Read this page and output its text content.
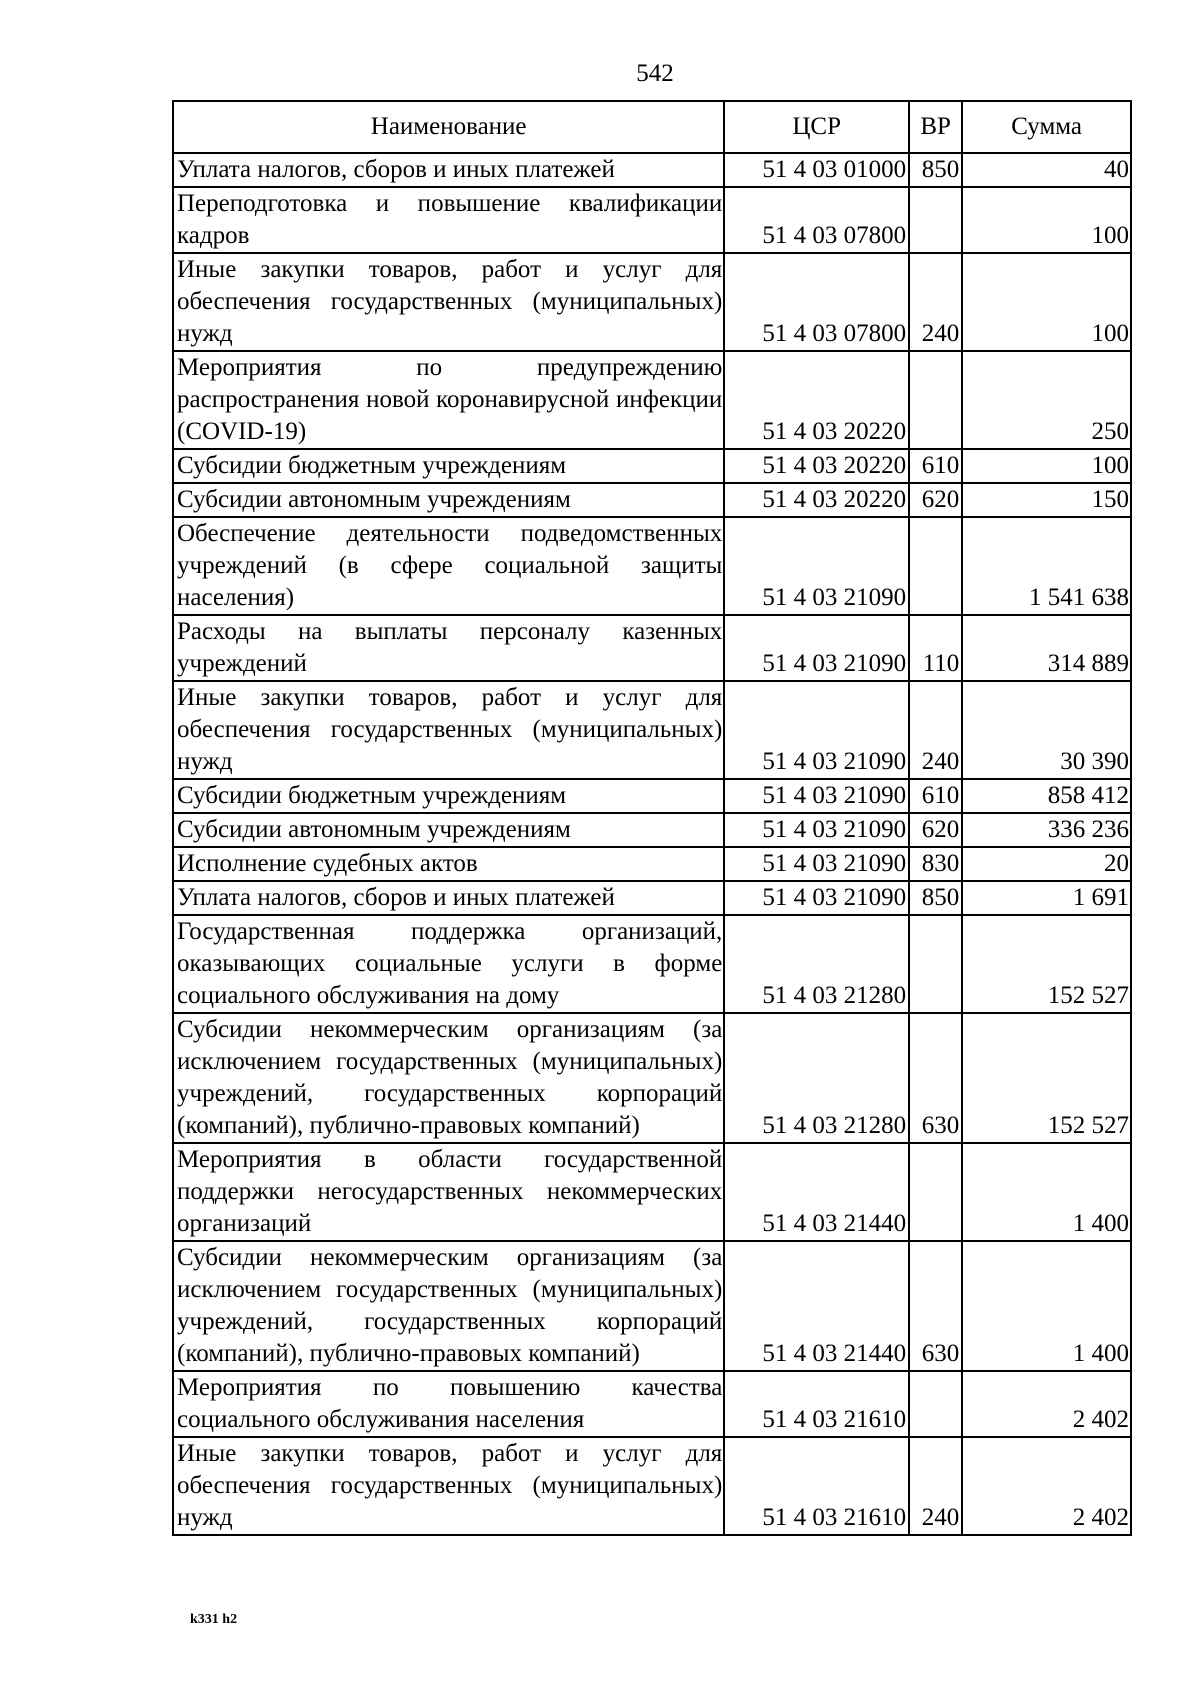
542
Наименование	ЦСР	ВР	Сумма
Уплата налогов, сборов и иных платежей	51 4 03 01000	850	40
Переподготовка и повышение квалификации кадров	51 4 03 07800		100
Иные закупки товаров, работ и услуг для обеспечения государственных (муниципальных) нужд	51 4 03 07800	240	100
Мероприятия по предупреждению распространения новой коронавирусной инфекции (COVID-19)	51 4 03 20220		250
Субсидии бюджетным учреждениям	51 4 03 20220	610	100
Субсидии автономным учреждениям	51 4 03 20220	620	150
Обеспечение деятельности подведомственных учреждений (в сфере социальной защиты населения)	51 4 03 21090		1 541 638
Расходы на выплаты персоналу казенных учреждений	51 4 03 21090	110	314 889
Иные закупки товаров, работ и услуг для обеспечения государственных (муниципальных) нужд	51 4 03 21090	240	30 390
Субсидии бюджетным учреждениям	51 4 03 21090	610	858 412
Субсидии автономным учреждениям	51 4 03 21090	620	336 236
Исполнение судебных актов	51 4 03 21090	830	20
Уплата налогов, сборов и иных платежей	51 4 03 21090	850	1 691
Государственная поддержка организаций, оказывающих социальные услуги в форме социального обслуживания на дому	51 4 03 21280		152 527
Субсидии некоммерческим организациям (за исключением государственных (муниципальных) учреждений, государственных корпораций (компаний), публично-правовых компаний)	51 4 03 21280	630	152 527
Мероприятия в области государственной поддержки негосударственных некоммерческих организаций	51 4 03 21440		1 400
Субсидии некоммерческим организациям (за исключением государственных (муниципальных) учреждений, государственных корпораций (компаний), публично-правовых компаний)	51 4 03 21440	630	1 400
Мероприятия по повышению качества социального обслуживания населения	51 4 03 21610		2 402
Иные закупки товаров, работ и услуг для обеспечения государственных (муниципальных) нужд	51 4 03 21610	240	2 402
k331 h2
